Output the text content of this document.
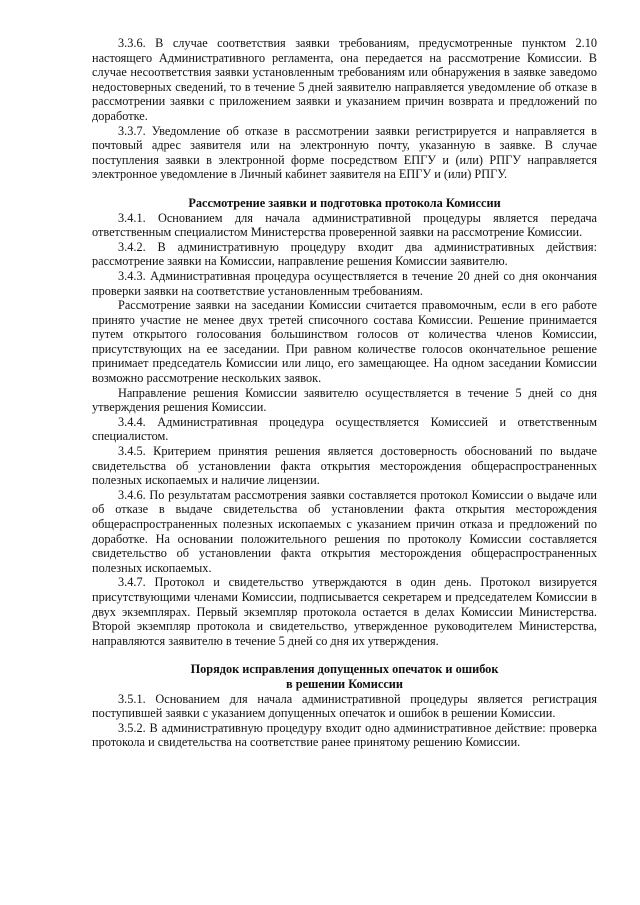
3.3.6. В случае соответствия заявки требованиям, предусмотренные пунктом 2.10 настоящего Административного регламента, она передается на рассмотрение Комиссии. В случае несоответствия заявки установленным требованиям или обнаружения в заявке заведомо недостоверных сведений, то в течение 5 дней заявителю направляется уведомление об отказе в рассмотрении заявки с приложением заявки и указанием причин возврата и предложений по доработке.

3.3.7. Уведомление об отказе в рассмотрении заявки регистрируется и направляется в почтовый адрес заявителя или на электронную почту, указанную в заявке. В случае поступления заявки в электронной форме посредством ЕПГУ и (или) РПГУ направляется электронное уведомление в Личный кабинет заявителя на ЕПГУ и (или) РПГУ.

Рассмотрение заявки и подготовка протокола Комиссии

3.4.1. Основанием для начала административной процедуры является передача ответственным специалистом Министерства проверенной заявки на рассмотрение Комиссии.

3.4.2. В административную процедуру входит два административных действия: рассмотрение заявки на Комиссии, направление решения Комиссии заявителю.

3.4.3. Административная процедура осуществляется в течение 20 дней со дня окончания проверки заявки на соответствие установленным требованиям.

Рассмотрение заявки на заседании Комиссии считается правомочным, если в его работе принято участие не менее двух третей списочного состава Комиссии. Решение принимается путем открытого голосования большинством голосов от количества членов Комиссии, присутствующих на ее заседании. При равном количестве голосов окончательное решение принимает председатель Комиссии или лицо, его замещающее. На одном заседании Комиссии возможно рассмотрение нескольких заявок.

Направление решения Комиссии заявителю осуществляется в течение 5 дней со дня утверждения решения Комиссии.

3.4.4. Административная процедура осуществляется Комиссией и ответственным специалистом.

3.4.5. Критерием принятия решения является достоверность обоснований по выдаче свидетельства об установлении факта открытия месторождения общераспространенных полезных ископаемых и наличие лицензии.

3.4.6. По результатам рассмотрения заявки составляется протокол Комиссии о выдаче или об отказе в выдаче свидетельства об установлении факта открытия месторождения общераспространенных полезных ископаемых с указанием причин отказа и предложений по доработке. На основании положительного решения по протоколу Комиссии составляется свидетельство об установлении факта открытия месторождения общераспространенных полезных ископаемых.

3.4.7. Протокол и свидетельство утверждаются в один день. Протокол визируется присутствующими членами Комиссии, подписывается секретарем и председателем Комиссии в двух экземплярах. Первый экземпляр протокола остается в делах Комиссии Министерства. Второй экземпляр протокола и свидетельство, утвержденное руководителем Министерства, направляются заявителю в течение 5 дней со дня их утверждения.

Порядок исправления допущенных опечаток и ошибок

в решении Комиссии

3.5.1. Основанием для начала административной процедуры является регистрация поступившей заявки с указанием допущенных опечаток и ошибок в решении Комиссии.

3.5.2. В административную процедуру входит одно административное действие: проверка протокола и свидетельства на соответствие ранее принятому решению Комиссии.
